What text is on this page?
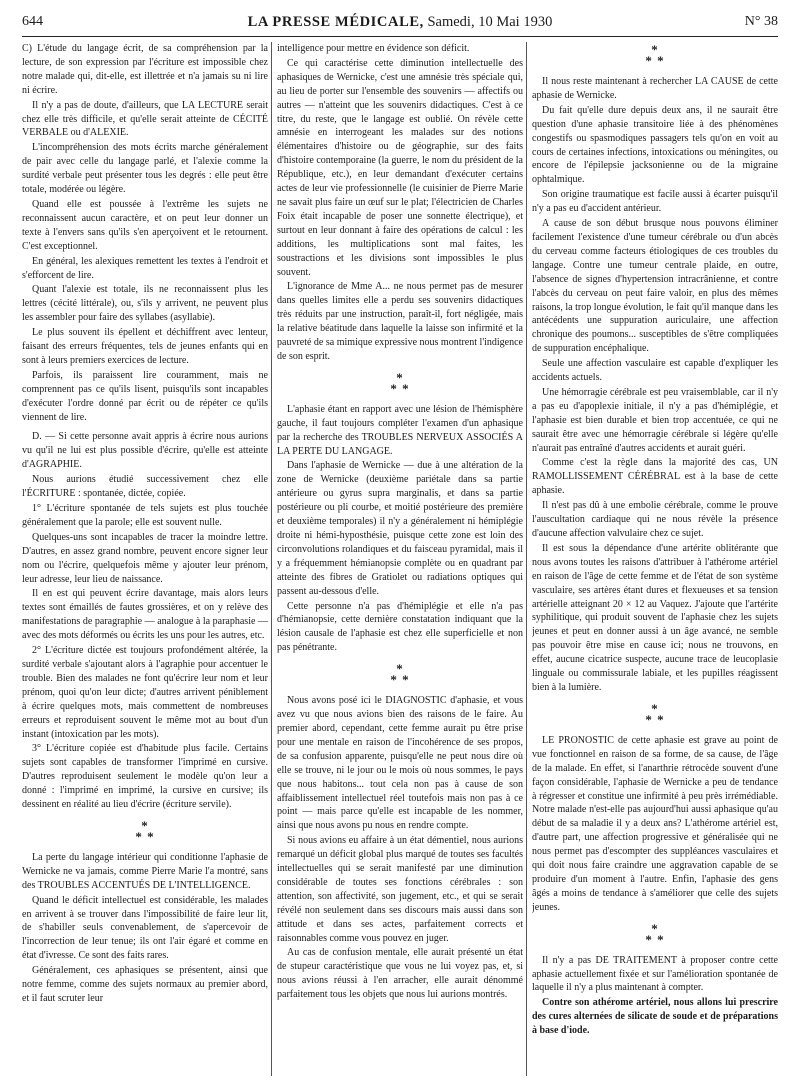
644	LA PRESSE MÉDICALE, Samedi, 10 Mai 1930	N° 38

C) L'étude du langage écrit, de sa compréhension par la lecture, de son expression par l'écriture est impossible chez notre malade qui, dit-elle, est illettrée et n'a jamais su ni lire ni écrire.

Il n'y a pas de doute, d'ailleurs, que LA LECTURE serait chez elle très difficile, et qu'elle serait atteinte de CÉCITÉ VERBALE ou d'ALEXIE.

L'incompréhension des mots écrits marche généralement de pair avec celle du langage parlé, et l'alexie comme la surdité verbale peut présenter tous les degrés : elle peut être totale, modérée ou légère.

Quand elle est poussée à l'extrême les sujets ne reconnaissent aucun caractère, et on peut leur donner un texte à l'envers sans qu'ils s'en aperçoivent et le retournent. C'est exceptionnel.

En général, les alexiques remettent les textes à l'endroit et s'efforcent de lire.

Quant l'alexie est totale, ils ne reconnaissent plus les lettres (cécité littérale), ou, s'ils y arrivent, ne peuvent plus les assembler pour faire des syllabes (asyllabie).

Le plus souvent ils épellent et déchiffrent avec lenteur, faisant des erreurs fréquentes, tels de jeunes enfants qui en sont à leurs premiers exercices de lecture.

Parfois, ils paraissent lire couramment, mais ne comprennent pas ce qu'ils lisent, puisqu'ils sont incapables d'exécuter l'ordre donné par écrit ou de répéter ce qu'ils viennent de lire.

D. — Si cette personne avait appris à écrire nous aurions vu qu'il ne lui est plus possible d'écrire, qu'elle est atteinte d'AGRAPHIE.

Nous aurions étudié successivement chez elle l'ÉCRITURE : spontanée, dictée, copiée.

1° L'écriture spontanée de tels sujets est plus touchée généralement que la parole; elle est souvent nulle.

Quelques-uns sont incapables de tracer la moindre lettre. D'autres, en assez grand nombre, peuvent encore signer leur nom ou l'écrire, quelquefois même y ajouter leur prénom, leur adresse, leur lieu de naissance.

Il en est qui peuvent écrire davantage, mais alors leurs textes sont émaillés de fautes grossières, et on y relève des manifestations de paragraphie — analogue à la paraphasie — avec des mots déformés ou écrits les uns pour les autres, etc.

2° L'écriture dictée est toujours profondément altérée, la surdité verbale s'ajoutant alors à l'agraphie pour accentuer le trouble. Bien des malades ne font qu'écrire leur nom et leur prénom, quoi qu'on leur dicte; d'autres arrivent péniblement à écrire quelques mots, mais commettent de nombreuses erreurs et reproduisent souvent le même mot au bout d'un instant (intoxication par les mots).

3° L'écriture copiée est d'habitude plus facile. Certains sujets sont capables de transformer l'imprimé en cursive. D'autres reproduisent seulement le modèle qu'on leur a donné : l'imprimé en imprimé, la cursive en cursive; ils dessinent en réalité au lieu d'écrire (écriture servile).

*
* *

La perte du langage intérieur qui conditionne l'aphasie de Wernicke ne va jamais, comme Pierre Marie l'a montré, sans des TROUBLES ACCENTUÉS DE L'INTELLIGENCE.

Quand le déficit intellectuel est considérable, les malades en arrivent à se trouver dans l'impossibilité de faire leur lit, de s'habiller seuls convenablement, de s'apercevoir de l'incorrection de leur tenue; ils ont l'air égaré et comme en état d'ivresse. Ce sont des faits rares.

Généralement, ces aphasiques se présentent, ainsi que notre femme, comme des sujets normaux au premier abord, et il faut scruter leur

intelligence pour mettre en évidence son déficit.

Ce qui caractérise cette diminution intellectuelle des aphasiques de Wernicke, c'est une amnésie très spéciale qui, au lieu de porter sur l'ensemble des souvenirs — affectifs ou autres — n'atteint que les souvenirs didactiques. C'est à ce titre, du reste, que le langage est oublié. On révèle cette amnésie en interrogeant les malades sur des notions élémentaires d'histoire ou de géographie, sur des faits d'histoire contemporaine (la guerre, le nom du président de la République, etc.), en leur demandant d'exécuter certains actes de leur vie professionnelle (le cuisinier de Pierre Marie ne savait plus faire un œuf sur le plat; l'électricien de Charles Foix était incapable de poser une sonnette électrique), et surtout en leur donnant à faire des opérations de calcul : les additions, les multiplications sont mal faites, les soustractions et les divisions sont impossibles le plus souvent.

L'ignorance de Mme A... ne nous permet pas de mesurer dans quelles limites elle a perdu ses souvenirs didactiques très réduits par une instruction, paraît-il, fort négligée, mais la relative béatitude dans laquelle la laisse son infirmité et la pauvreté de sa mimique expressive nous montrent l'indigence de son esprit.

*
* *

L'aphasie étant en rapport avec une lésion de l'hémisphère gauche, il faut toujours compléter l'examen d'un aphasique par la recherche des TROUBLES NERVEUX ASSOCIÉS A LA PERTE DU LANGAGE.

Dans l'aphasie de Wernicke — due à une altération de la zone de Wernicke (deuxième pariétale dans sa partie antérieure ou gyrus supra marginalis, et dans sa partie postérieure ou pli courbe, et moitié postérieure des première et deuxième temporales) il n'y a généralement ni hémiplégie droite ni hémi-hyposthésie, puisque cette zone est loin des circonvolutions rolandiques et du faisceau pyramidal, mais il y a fréquemment hémianopsie complète ou en quadrant par atteinte des fibres de Gratiolet ou radiations optiques qui passent au-dessous d'elle.

Cette personne n'a pas d'hémiplégie et elle n'a pas d'hémianopsie, cette dernière constatation indiquant que la lésion causale de l'aphasie est chez elle superficielle et non pas pénétrante.

*
* *

Nous avons posé ici le DIAGNOSTIC d'aphasie, et vous avez vu que nous avions bien des raisons de le faire. Au premier abord, cependant, cette femme aurait pu être prise pour une mentale en raison de l'incohérence de ses propos, de sa confusion apparente, puisqu'elle ne peut nous dire où elle se trouve, ni le jour ou le mois où nous sommes, le pays que nous habitons... tout cela non pas à cause de son affaiblissement intellectuel réel toutefois mais non pas à ce point — mais parce qu'elle est incapable de les nommer, ainsi que nous avons pu nous en rendre compte.

Si nous avions eu affaire à un état démentiel, nous aurions remarqué un déficit global plus marqué de toutes ses facultés intellectuelles qui se serait manifesté par une diminution considérable de toutes ses fonctions cérébrales : son attention, son affectivité, son jugement, etc., et qui se serait révélé non seulement dans ses discours mais aussi dans son attitude et dans ses actes, parfaitement corrects et raisonnables comme vous pouvez en juger.

Au cas de confusion mentale, elle aurait présenté un état de stupeur caractéristique que vous ne lui voyez pas, et, si nous avions réussi à l'en arracher, elle aurait dénommé parfaitement tous les objets que nous lui aurions montrés.

*
* *

Il nous reste maintenant à rechercher LA CAUSE de cette aphasie de Wernicke.

Du fait qu'elle dure depuis deux ans, il ne saurait être question d'une aphasie transitoire liée à des phénomènes congestifs ou spasmodiques passagers tels qu'on en voit au cours de certaines infections, intoxications ou méningites, ou encore de l'épilepsie jacksonienne ou de la migraine ophtalmique.

Son origine traumatique est facile aussi à écarter puisqu'il n'y a pas eu d'accident antérieur.

A cause de son début brusque nous pouvons éliminer facilement l'existence d'une tumeur cérébrale ou d'un abcès du cerveau comme facteurs étiologiques de ces troubles du langage. Contre une tumeur centrale plaide, en outre, l'absence de signes d'hypertension intracrânienne, et contre l'abcès du cerveau on peut faire valoir, en plus des mêmes raisons, la trop longue évolution, le fait qu'il manque dans les antécédents une suppuration auriculaire, une affection chronique des poumons... susceptibles de s'être compliquées de suppuration encéphalique.

Seule une affection vasculaire est capable d'expliquer les accidents actuels.

Une hémorragie cérébrale est peu vraisemblable, car il n'y a pas eu d'apoplexie initiale, il n'y a pas d'hémiplégie, et l'aphasie est bien durable et bien trop accentuée, ce qui ne saurait être avec une hémorragie cérébrale si légère qu'elle n'aurait pas entraîné d'autres accidents et aurait guéri.

Comme c'est la règle dans la majorité des cas, UN RAMOLLISSEMENT CÉRÉBRAL est à la base de cette aphasie.

Il n'est pas dû à une embolie cérébrale, comme le prouve l'auscultation cardiaque qui ne nous révèle la présence d'aucune affection valvulaire chez ce sujet.

Il est sous la dépendance d'une artérite oblitérante que nous avons toutes les raisons d'attribuer à l'athérome artériel en raison de l'âge de cette femme et de l'état de son système vasculaire, ses artères étant dures et flexueuses et sa tension artérielle atteignant 20 × 12 au Vaquez. J'ajoute que l'artérite syphilitique, qui produit souvent de l'aphasie chez les sujets jeunes et peut en donner aussi à un âge avancé, ne semble pas pouvoir être mise en cause ici; nous ne trouvons, en effet, aucune cicatrice suspecte, aucune trace de leucoplasie linguale ou commissurale labiale, et les pupilles réagissent bien à la lumière.

*
* *

LE PRONOSTIC de cette aphasie est grave au point de vue fonctionnel en raison de sa forme, de sa cause, de l'âge de la malade. En effet, si l'anarthrie rétrocède souvent d'une façon considérable, l'aphasie de Wernicke a peu de tendance à régresser et constitue une infirmité à peu près irrémédiable. Notre malade n'est-elle pas aujourd'hui aussi aphasique qu'au début de sa maladie il y a deux ans? L'athérome artériel est, d'autre part, une affection progressive et généralisée qui ne nous permet pas d'escompter des suppléances vasculaires et qui doit nous faire craindre une aggravation capable de se produire d'un moment à l'autre. Enfin, l'aphasie des gens âgés a moins de tendance à s'améliorer que celle des sujets jeunes.

*
* *

Il n'y a pas DE TRAITEMENT à proposer contre cette aphasie actuellement fixée et sur l'amélioration spontanée de laquelle il n'y a plus maintenant à compter.

Contre son athérome artériel, nous allons lui prescrire des cures alternées de silicate de soude et de préparations à base d'iode.
